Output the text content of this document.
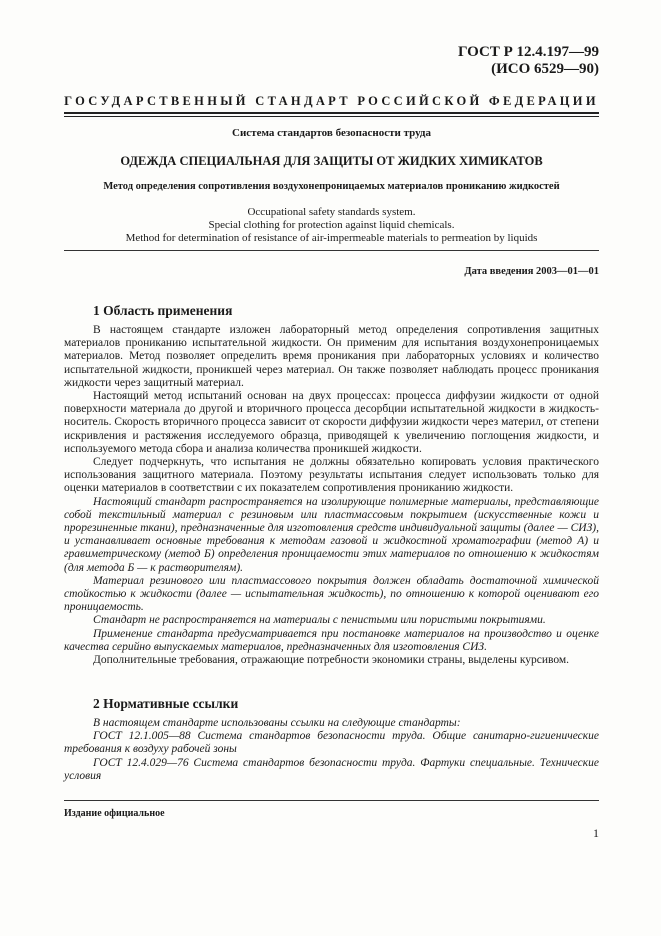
ГОСТ Р 12.4.197—99
(ИСО 6529—90)
ГОСУДАРСТВЕННЫЙ СТАНДАРТ РОССИЙСКОЙ ФЕДЕРАЦИИ
Система стандартов безопасности труда
ОДЕЖДА СПЕЦИАЛЬНАЯ ДЛЯ ЗАЩИТЫ ОТ ЖИДКИХ ХИМИКАТОВ
Метод определения сопротивления воздухонепроницаемых материалов прониканию жидкостей
Occupational safety standards system.
Special clothing for protection against liquid chemicals.
Method for determination of resistance of air-impermeable materials to permeation by liquids
Дата введения 2003—01—01
1 Область применения

В настоящем стандарте изложен лабораторный метод определения сопротивления защитных материалов прониканию испытательной жидкости. Он применим для испытания воздухонепроницаемых материалов. Метод позволяет определить время проникания при лабораторных условиях и количество испытательной жидкости, проникшей через материал. Он также позволяет наблюдать процесс проникания жидкости через защитный материал.

Настоящий метод испытаний основан на двух процессах: процесса диффузии жидкости от одной поверхности материала до другой и вторичного процесса десорбции испытательной жидкости в жидкость-носитель. Скорость вторичного процесса зависит от скорости диффузии жидкости через материл, от степени искривления и растяжения исследуемого образца, приводящей к увеличению поглощения жидкости, и используемого метода сбора и анализа количества проникшей жидкости.

Следует подчеркнуть, что испытания не должны обязательно копировать условия практического использования защитного материала. Поэтому результаты испытания следует использовать только для оценки материалов в соответствии с их показателем сопротивления прониканию жидкости.

Настоящий стандарт распространяется на изолирующие полимерные материалы, представляющие собой текстильный материал с резиновым или пластмассовым покрытием (искусственные кожи и прорезиненные ткани), предназначенные для изготовления средств индивидуальной защиты (далее — СИЗ), и устанавливает основные требования к методам газовой и жидкостной хроматографии (метод А) и гравиметрическому (метод Б) определения проницаемости этих материалов по отношению к жидкостям (для метода Б — к растворителям).

Материал резинового или пластмассового покрытия должен обладать достаточной химической стойкостью к жидкости (далее — испытательная жидкость), по отношению к которой оценивают его проницаемость.

Стандарт не распространяется на материалы с пенистыми или пористыми покрытиями.

Применение стандарта предусматривается при постановке материалов на производство и оценке качества серийно выпускаемых материалов, предназначенных для изготовления СИЗ.

Дополнительные требования, отражающие потребности экономики страны, выделены курсивом.

2 Нормативные ссылки

В настоящем стандарте использованы ссылки на следующие стандарты:

ГОСТ 12.1.005—88 Система стандартов безопасности труда. Общие санитарно-гигиенические требования к воздуху рабочей зоны

ГОСТ 12.4.029—76 Система стандартов безопасности труда. Фартуки специальные. Технические условия

Издание официальное
1
